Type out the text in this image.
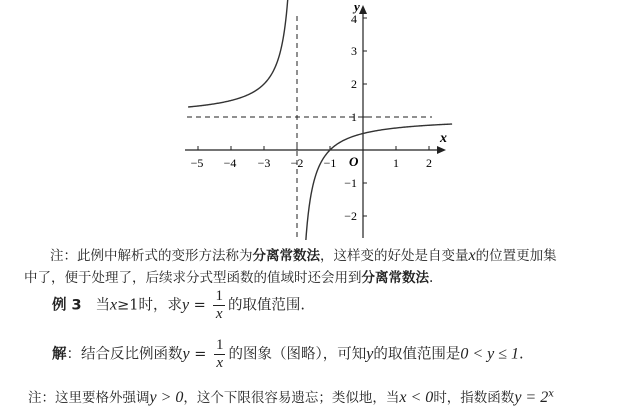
−5 −4 −3 −2 −1	1 2
4
3
2
1
−1
−2
O
x
y
注：此例中解析式的变形方法称为分离常数法，这样变的好处是自变量x的位置更加集
中了，便于处理了，后续求分式型函数的值域时还会用到分离常数法.
例 3 当x≥1时，求$y = \frac{1}{x}$ 的取值范围.
解：结合反比例函数$y = \frac{1}{x}$ 的图象（图略），可知y的取值范围是0 < y ≤ 1.
注：这里要格外强调y > 0，这个下限很容易遗忘；类似地，当x < 0时，指数函数$y = 2^x$
